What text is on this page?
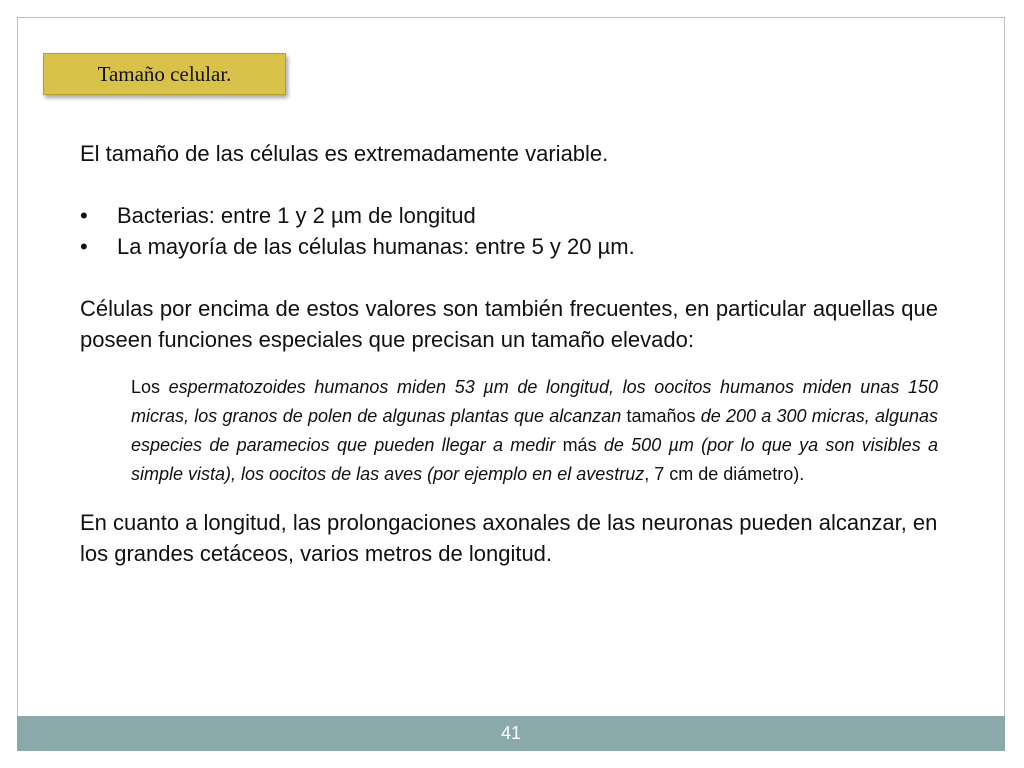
Tamaño celular.

El tamaño de las células es extremadamente variable.

• Bacterias: entre 1 y 2 µm de longitud
• La mayoría de las células humanas: entre 5 y 20 µm.

Células por encima de estos valores son también frecuentes, en particular aquellas que poseen funciones especiales que precisan un tamaño elevado:

Los espermatozoides humanos miden 53 µm de longitud, los oocitos humanos miden unas 150 micras, los granos de polen de algunas plantas que alcanzan tamaños de 200 a 300 micras, algunas especies de paramecios que pueden llegar a medir más de 500 µm (por lo que ya son visibles a simple vista), los oocitos de las aves (por ejemplo en el avestruz, 7 cm de diámetro).

En cuanto a longitud, las prolongaciones axonales de las neuronas pueden alcanzar, en los grandes cetáceos, varios metros de longitud.

41
